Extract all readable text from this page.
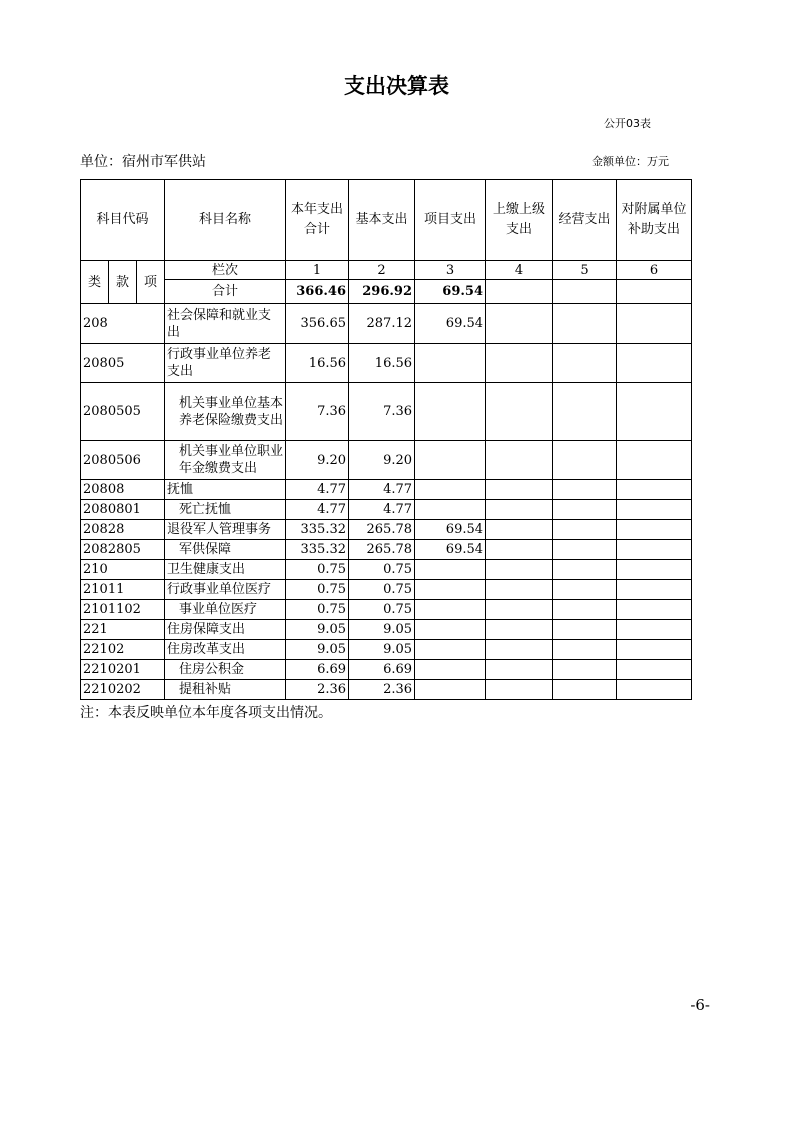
支出决算表
公开03表
单位：宿州市军供站	金额单位：万元
科目代码			科目名称	本年支出合计	基本支出	项目支出	上缴上级支出	经营支出	对附属单位补助支出
类	款	项	栏次	1	2	3	4	5	6
			合计	366.46	296.92	69.54			
208			社会保障和就业支出	356.65	287.12	69.54			
20805			行政事业单位养老支出	16.56	16.56				
2080505			机关事业单位基本养老保险缴费支出	7.36	7.36				
2080506			机关事业单位职业年金缴费支出	9.20	9.20				
20808			抚恤	4.77	4.77				
2080801			死亡抚恤	4.77	4.77				
20828			退役军人管理事务	335.32	265.78	69.54			
2082805			军供保障	335.32	265.78	69.54			
210			卫生健康支出	0.75	0.75				
21011			行政事业单位医疗	0.75	0.75				
2101102			事业单位医疗	0.75	0.75				
221			住房保障支出	9.05	9.05				
22102			住房改革支出	9.05	9.05				
2210201			住房公积金	6.69	6.69				
2210202			提租补贴	2.36	2.36				
注：本表反映单位本年度各项支出情况。
-6-
